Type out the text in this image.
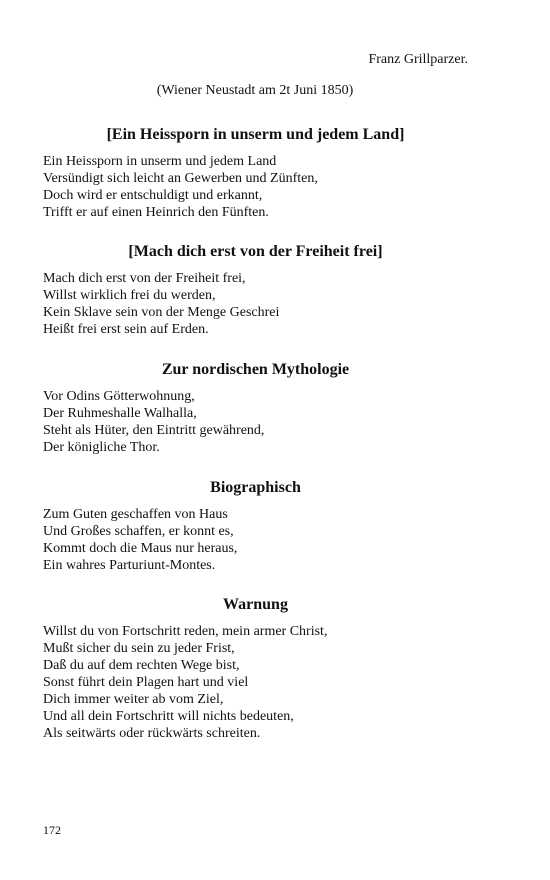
Franz Grillparzer.
(Wiener Neustadt am 2t Juni 1850)
[Ein Heissporn in unserm und jedem Land]
Ein Heissporn in unserm und jedem Land
Versündigt sich leicht an Gewerben und Zünften,
Doch wird er entschuldigt und erkannt,
Trifft er auf einen Heinrich den Fünften.
[Mach dich erst von der Freiheit frei]
Mach dich erst von der Freiheit frei,
Willst wirklich frei du werden,
Kein Sklave sein von der Menge Geschrei
Heißt frei erst sein auf Erden.
Zur nordischen Mythologie
Vor Odins Götterwohnung,
Der Ruhmeshalle Walhalla,
Steht als Hüter, den Eintritt gewährend,
Der königliche Thor.
Biographisch
Zum Guten geschaffen von Haus
Und Großes schaffen, er konnt es,
Kommt doch die Maus nur heraus,
Ein wahres Parturiunt-Montes.
Warnung
Willst du von Fortschritt reden, mein armer Christ,
Mußt sicher du sein zu jeder Frist,
Daß du auf dem rechten Wege bist,
Sonst führt dein Plagen hart und viel
Dich immer weiter ab vom Ziel,
Und all dein Fortschritt will nichts bedeuten,
Als seitwärts oder rückwärts schreiten.
172
